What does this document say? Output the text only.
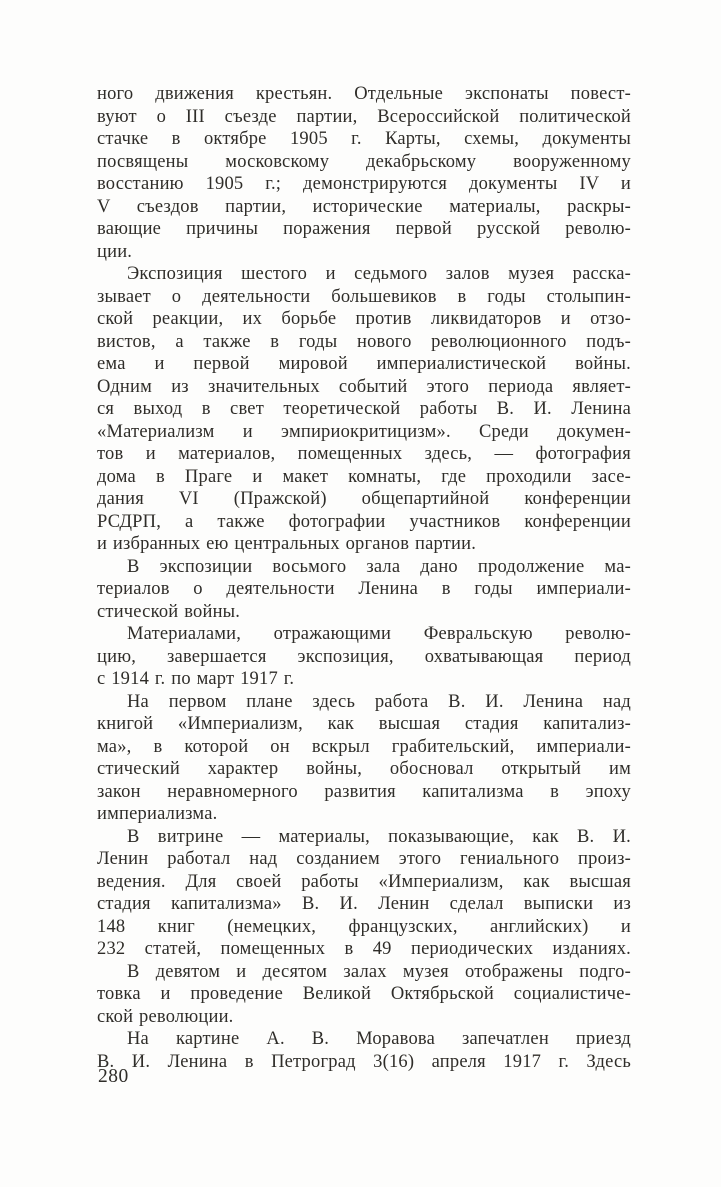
ного движения крестьян. Отдельные экспонаты повест-
вуют о III съезде партии, Всероссийской политической
стачке в октябре 1905 г. Карты, схемы, документы
посвящены московскому декабрьскому вооруженному
восстанию 1905 г.; демонстрируются документы IV и
V съездов партии, исторические материалы, раскры-
вающие причины поражения первой русской револю-
ции.

Экспозиция шестого и седьмого залов музея расска-
зывает о деятельности большевиков в годы столыпин-
ской реакции, их борьбе против ликвидаторов и отзо-
вистов, а также в годы нового революционного подъ-
ема и первой мировой империалистической войны.
Одним из значительных событий этого периода являет-
ся выход в свет теоретической работы В. И. Ленина
«Материализм и эмпириокритицизм». Среди докумен-
тов и материалов, помещенных здесь, — фотография
дома в Праге и макет комнаты, где проходили засе-
дания VI (Пражской) общепартийной конференции
РСДРП, а также фотографии участников конференции
и избранных ею центральных органов партии.

В экспозиции восьмого зала дано продолжение ма-
териалов о деятельности Ленина в годы империали-
стической войны.

Материалами, отражающими Февральскую револю-
цию, завершается экспозиция, охватывающая период
с 1914 г. по март 1917 г.

На первом плане здесь работа В. И. Ленина над
книгой «Империализм, как высшая стадия капитализ-
ма», в которой он вскрыл грабительский, империали-
стический характер войны, обосновал открытый им
закон неравномерного развития капитализма в эпоху
империализма.

В витрине — материалы, показывающие, как В. И.
Ленин работал над созданием этого гениального произ-
ведения. Для своей работы «Империализм, как высшая
стадия капитализма» В. И. Ленин сделал выписки из
148 книг (немецких, французских, английских) и
232 статей, помещенных в 49 периодических изданиях.

В девятом и десятом залах музея отображены подго-
товка и проведение Великой Октябрьской социалистиче-
ской революции.

На картине А. В. Моравова запечатлен приезд
В. И. Ленина в Петроград 3(16) апреля 1917 г. Здесь

280
